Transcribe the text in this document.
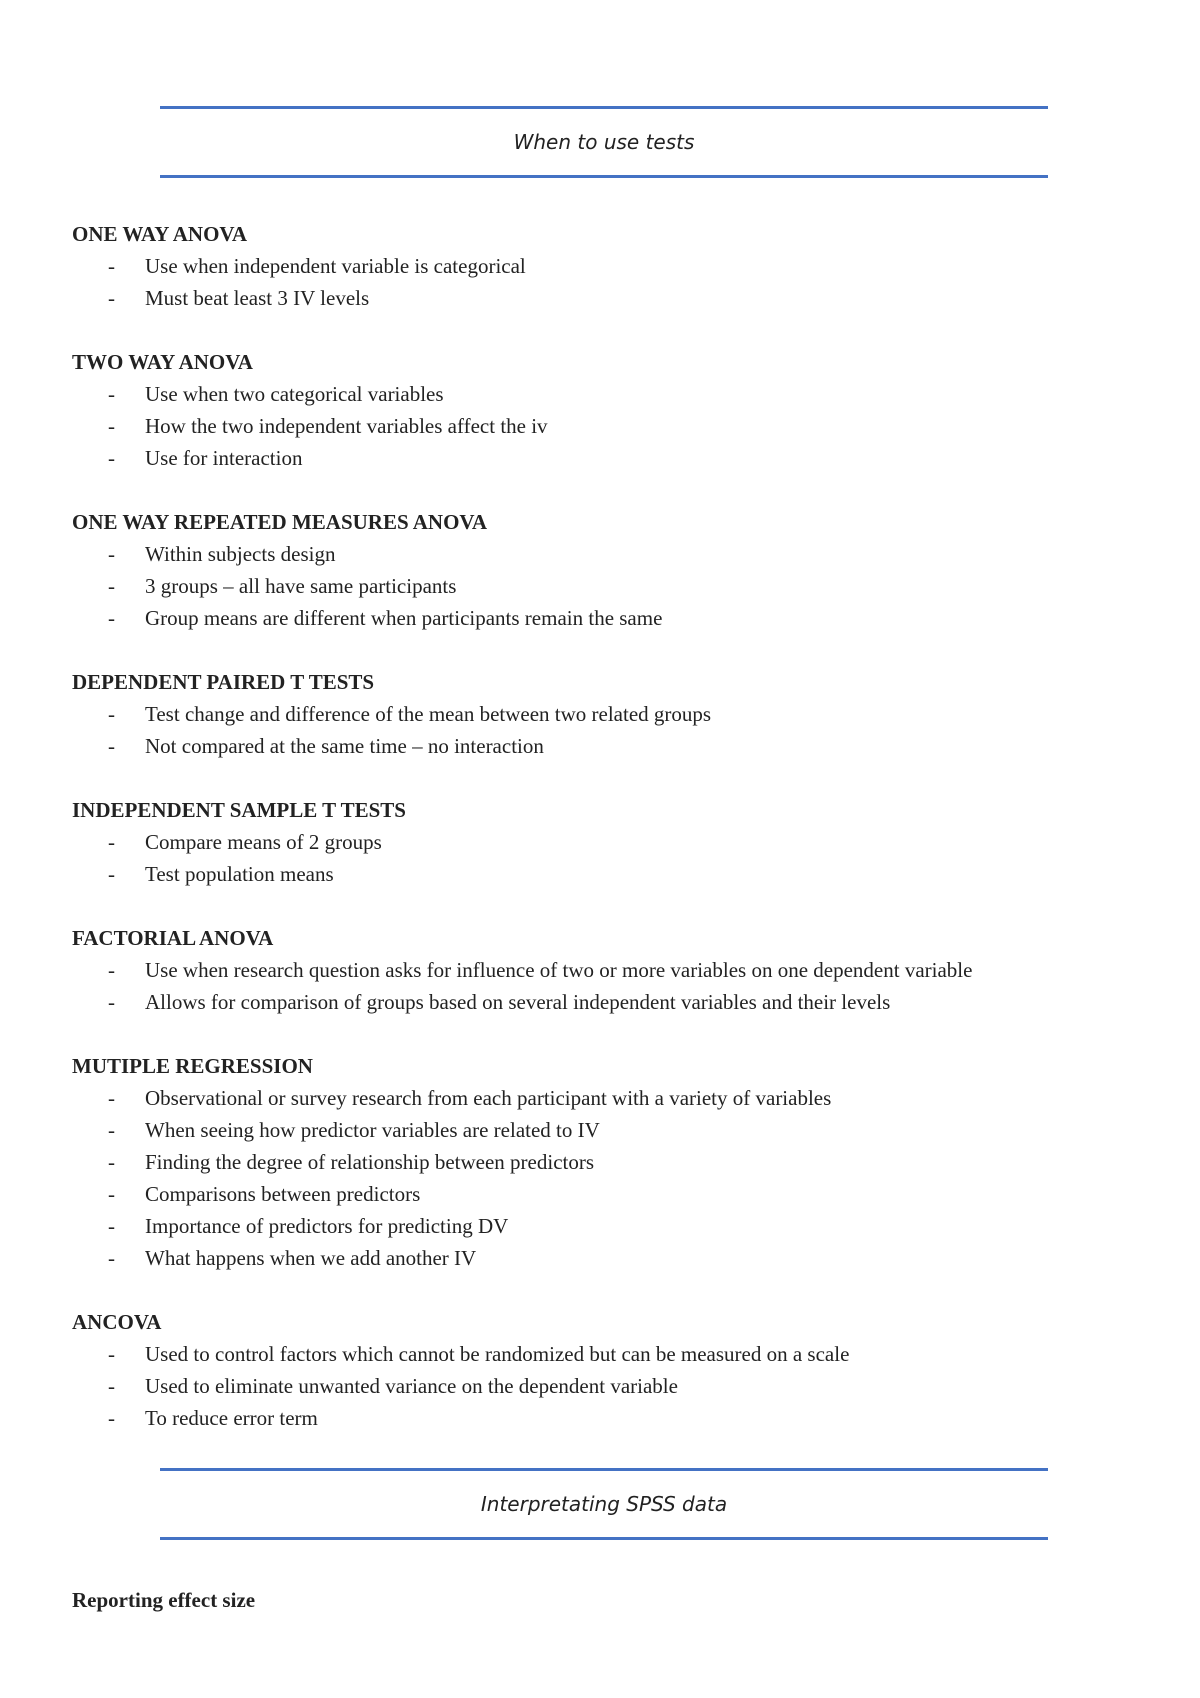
When to use tests
ONE WAY ANOVA
- Use when independent variable is categorical
- Must beat least 3 IV levels
TWO WAY ANOVA
- Use when two categorical variables
- How the two independent variables affect the iv
- Use for interaction
ONE WAY REPEATED MEASURES ANOVA
- Within subjects design
- 3 groups – all have same participants
- Group means are different when participants remain the same
DEPENDENT PAIRED T TESTS
- Test change and difference of the mean between two related groups
- Not compared at the same time – no interaction
INDEPENDENT SAMPLE T TESTS
- Compare means of 2 groups
- Test population means
FACTORIAL ANOVA
- Use when research question asks for influence of two or more variables on one dependent variable
- Allows for comparison of groups based on several independent variables and their levels
MUTIPLE REGRESSION
- Observational or survey research from each participant with a variety of variables
- When seeing how predictor variables are related to IV
- Finding the degree of relationship between predictors
- Comparisons between predictors
- Importance of predictors for predicting DV
- What happens when we add another IV
ANCOVA
- Used to control factors which cannot be randomized but can be measured on a scale
- Used to eliminate unwanted variance on the dependent variable
- To reduce error term
Interpretating SPSS data
Reporting effect size
